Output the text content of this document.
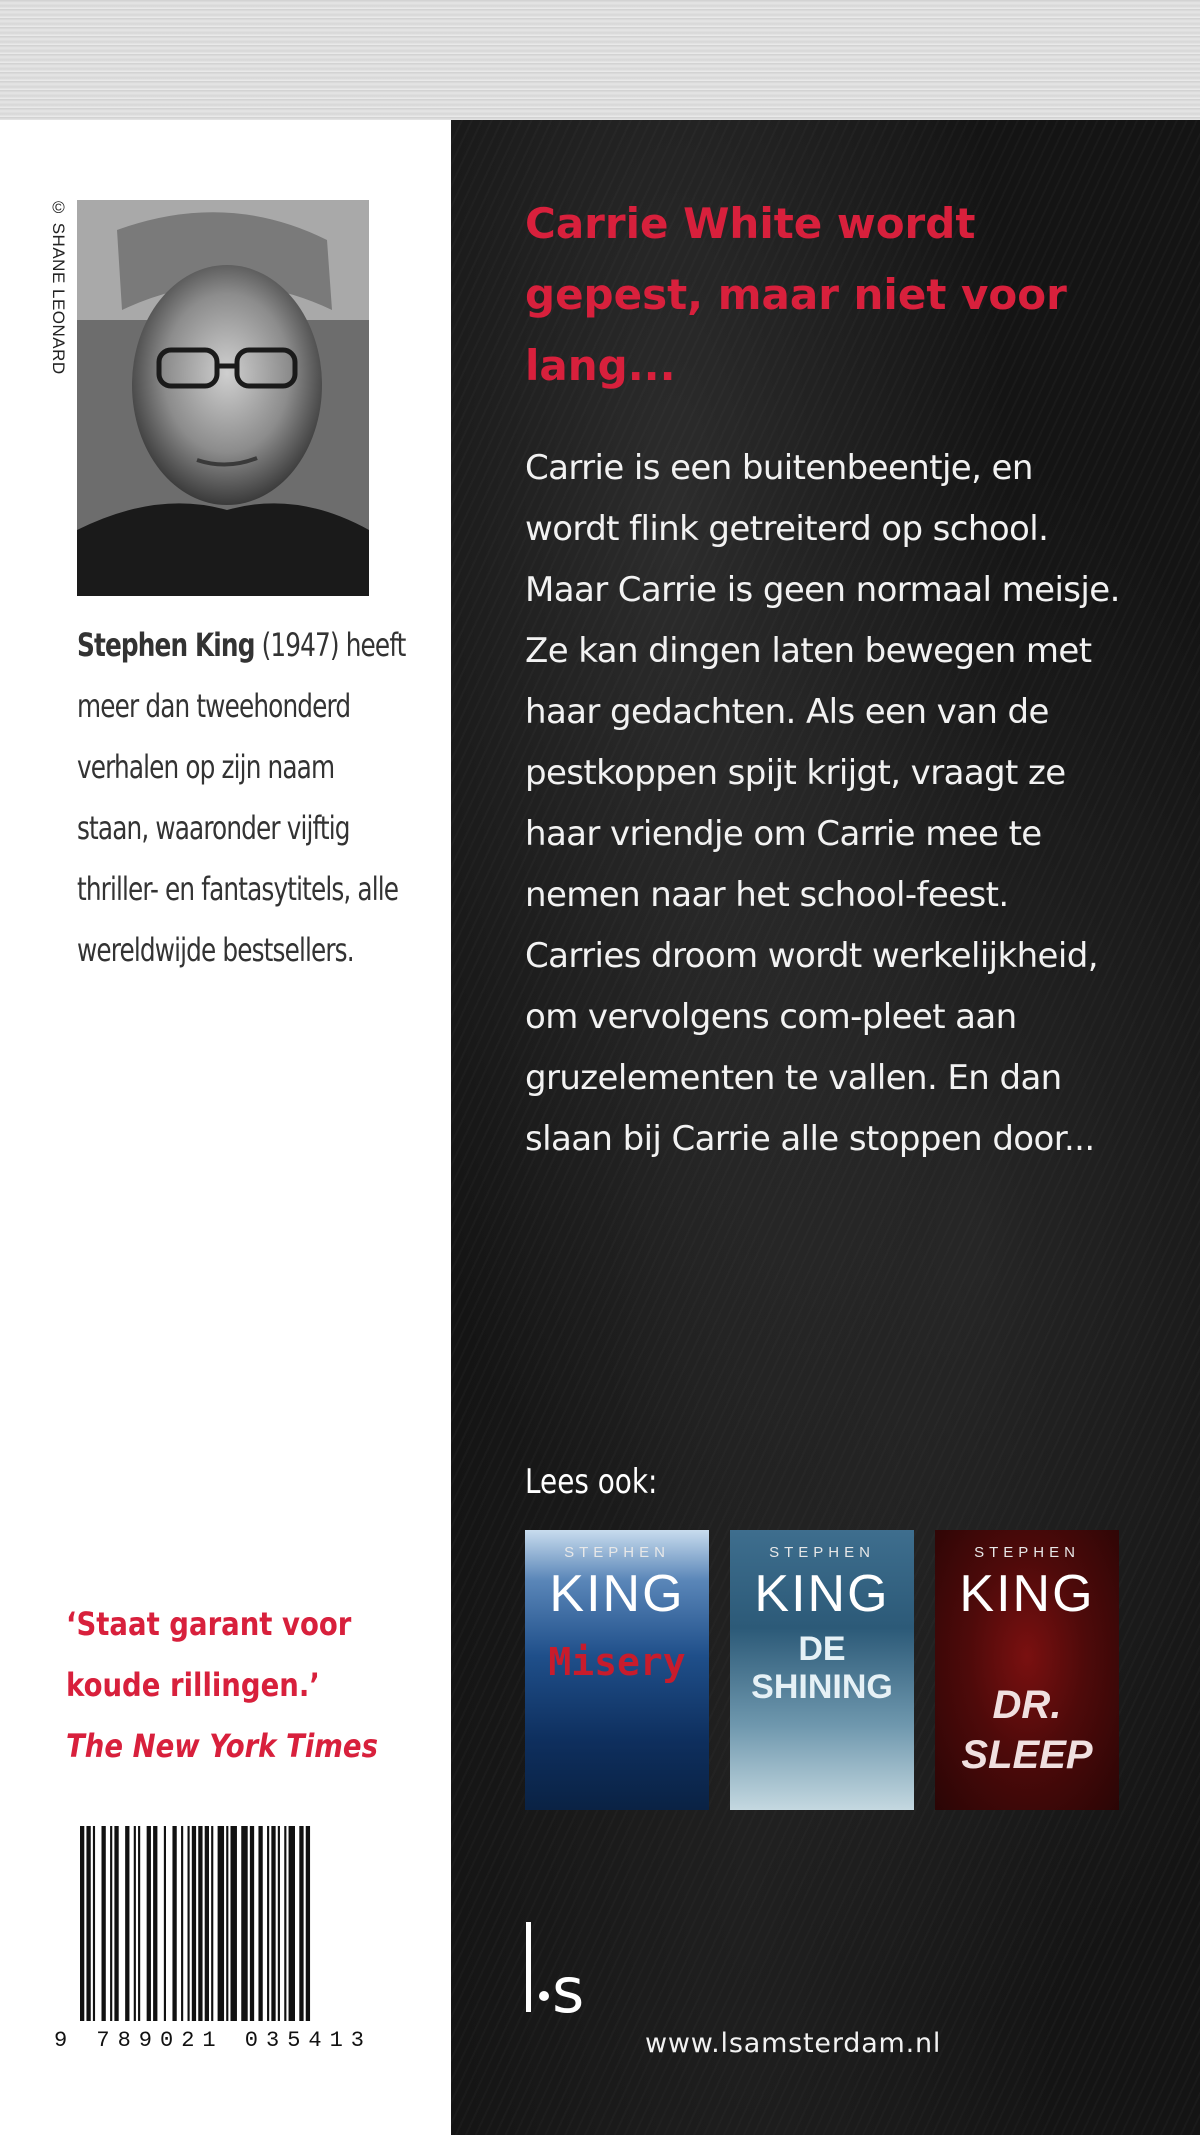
© SHANE LEONARD
Stephen King (1947) heeft meer dan tweehonderd verhalen op zijn naam staan, waaronder vijftig thriller- en fantasytitels, alle wereldwijde bestsellers.
‘Staat garant voor koude rillingen.’
The New York Times
9 789021 035413
Carrie White wordt gepest, maar niet voor lang...

Carrie is een buitenbeentje, en wordt flink getreiterd op school. Maar Carrie is geen normaal meisje. Ze kan dingen laten bewegen met haar gedachten. Als een van de pestkoppen spijt krijgt, vraagt ze haar vriendje om Carrie mee te nemen naar het school-feest. Carries droom wordt werkelijkheid, om vervolgens com-pleet aan gruzelementen te vallen. En dan slaan bij Carrie alle stoppen door...

Lees ook:
STEPHEN
KING
Misery
STEPHEN
KING
DE SHINING
STEPHEN
KING
DR. SLEEP
s
www.lsamsterdam.nl
